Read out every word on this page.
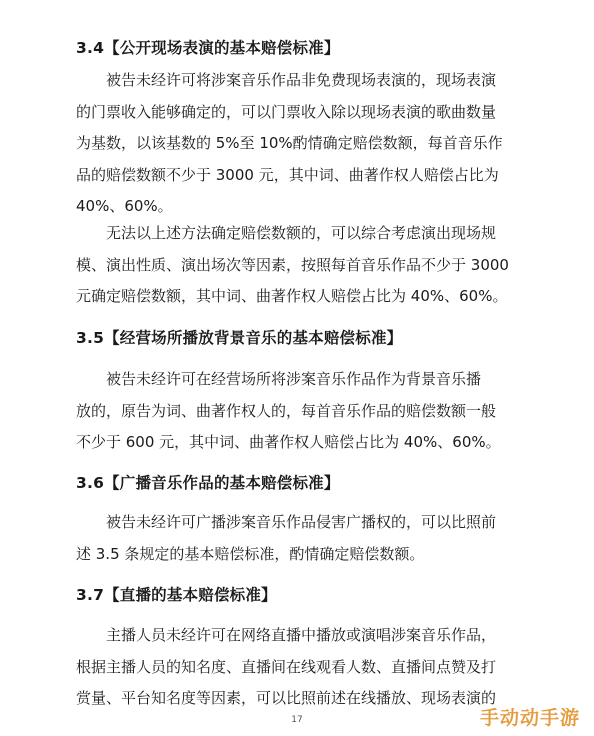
3.4【公开现场表演的基本赔偿标准】
被告未经许可将涉案音乐作品非免费现场表演的，现场表演
的门票收入能够确定的，可以门票收入除以现场表演的歌曲数量
为基数，以该基数的 5%至 10%酌情确定赔偿数额，每首音乐作
品的赔偿数额不少于 3000 元，其中词、曲著作权人赔偿占比为
40%、60%。
无法以上述方法确定赔偿数额的，可以综合考虑演出现场规
模、演出性质、演出场次等因素，按照每首音乐作品不少于 3000
元确定赔偿数额，其中词、曲著作权人赔偿占比为 40%、60%。
3.5【经营场所播放背景音乐的基本赔偿标准】
被告未经许可在经营场所将涉案音乐作品作为背景音乐播
放的，原告为词、曲著作权人的，每首音乐作品的赔偿数额一般
不少于 600 元，其中词、曲著作权人赔偿占比为 40%、60%。
3.6【广播音乐作品的基本赔偿标准】
被告未经许可广播涉案音乐作品侵害广播权的，可以比照前
述 3.5 条规定的基本赔偿标准，酌情确定赔偿数额。
3.7【直播的基本赔偿标准】
主播人员未经许可在网络直播中播放或演唱涉案音乐作品，
根据主播人员的知名度、直播间在线观看人数、直播间点赞及打
赏量、平台知名度等因素，可以比照前述在线播放、现场表演的
17	手动动手游
